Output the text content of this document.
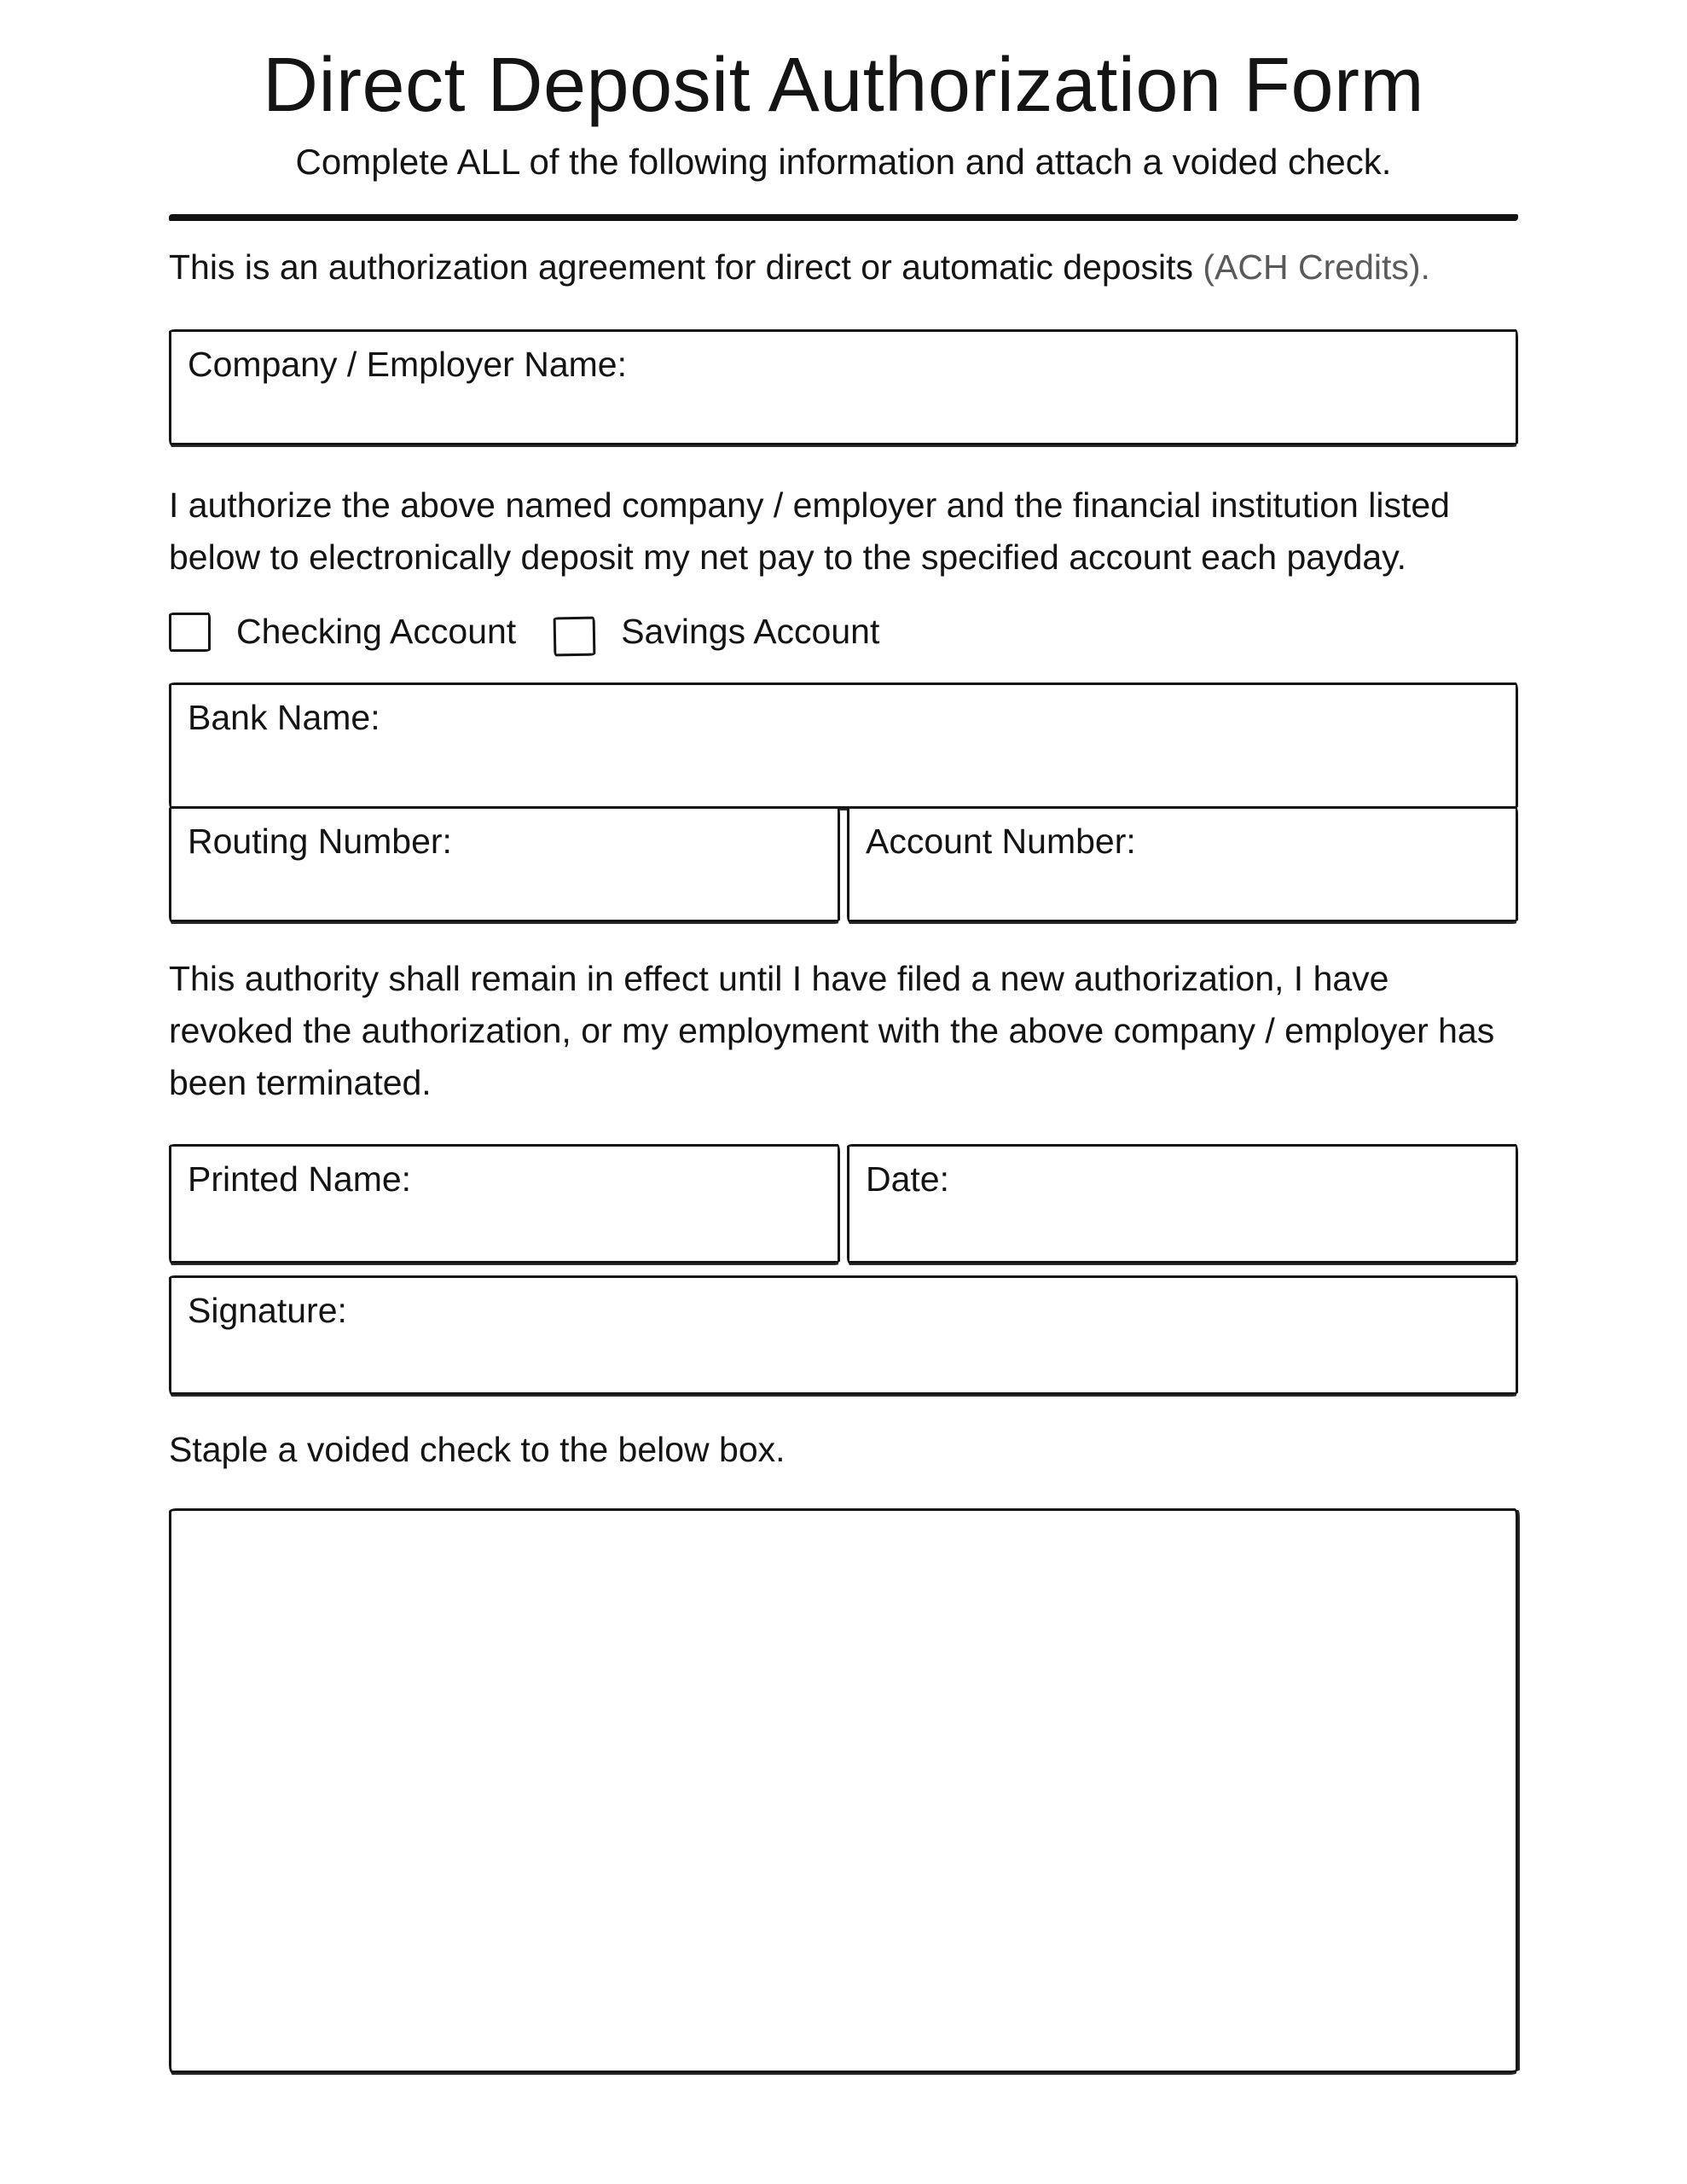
Direct Deposit Authorization Form
Complete ALL of the following information and attach a voided check.

This is an authorization agreement for direct or automatic deposits (ACH Credits).

Company / Employer Name:

I authorize the above named company / employer and the financial institution listed below to electronically deposit my net pay to the specified account each payday.

Checking Account	Savings Account
Bank Name:
Routing Number:	Account Number:

This authority shall remain in effect until I have filed a new authorization, I have revoked the authorization, or my employment with the above company / employer has been terminated.

Printed Name:	Date:
Signature:

Staple a voided check to the below box.
